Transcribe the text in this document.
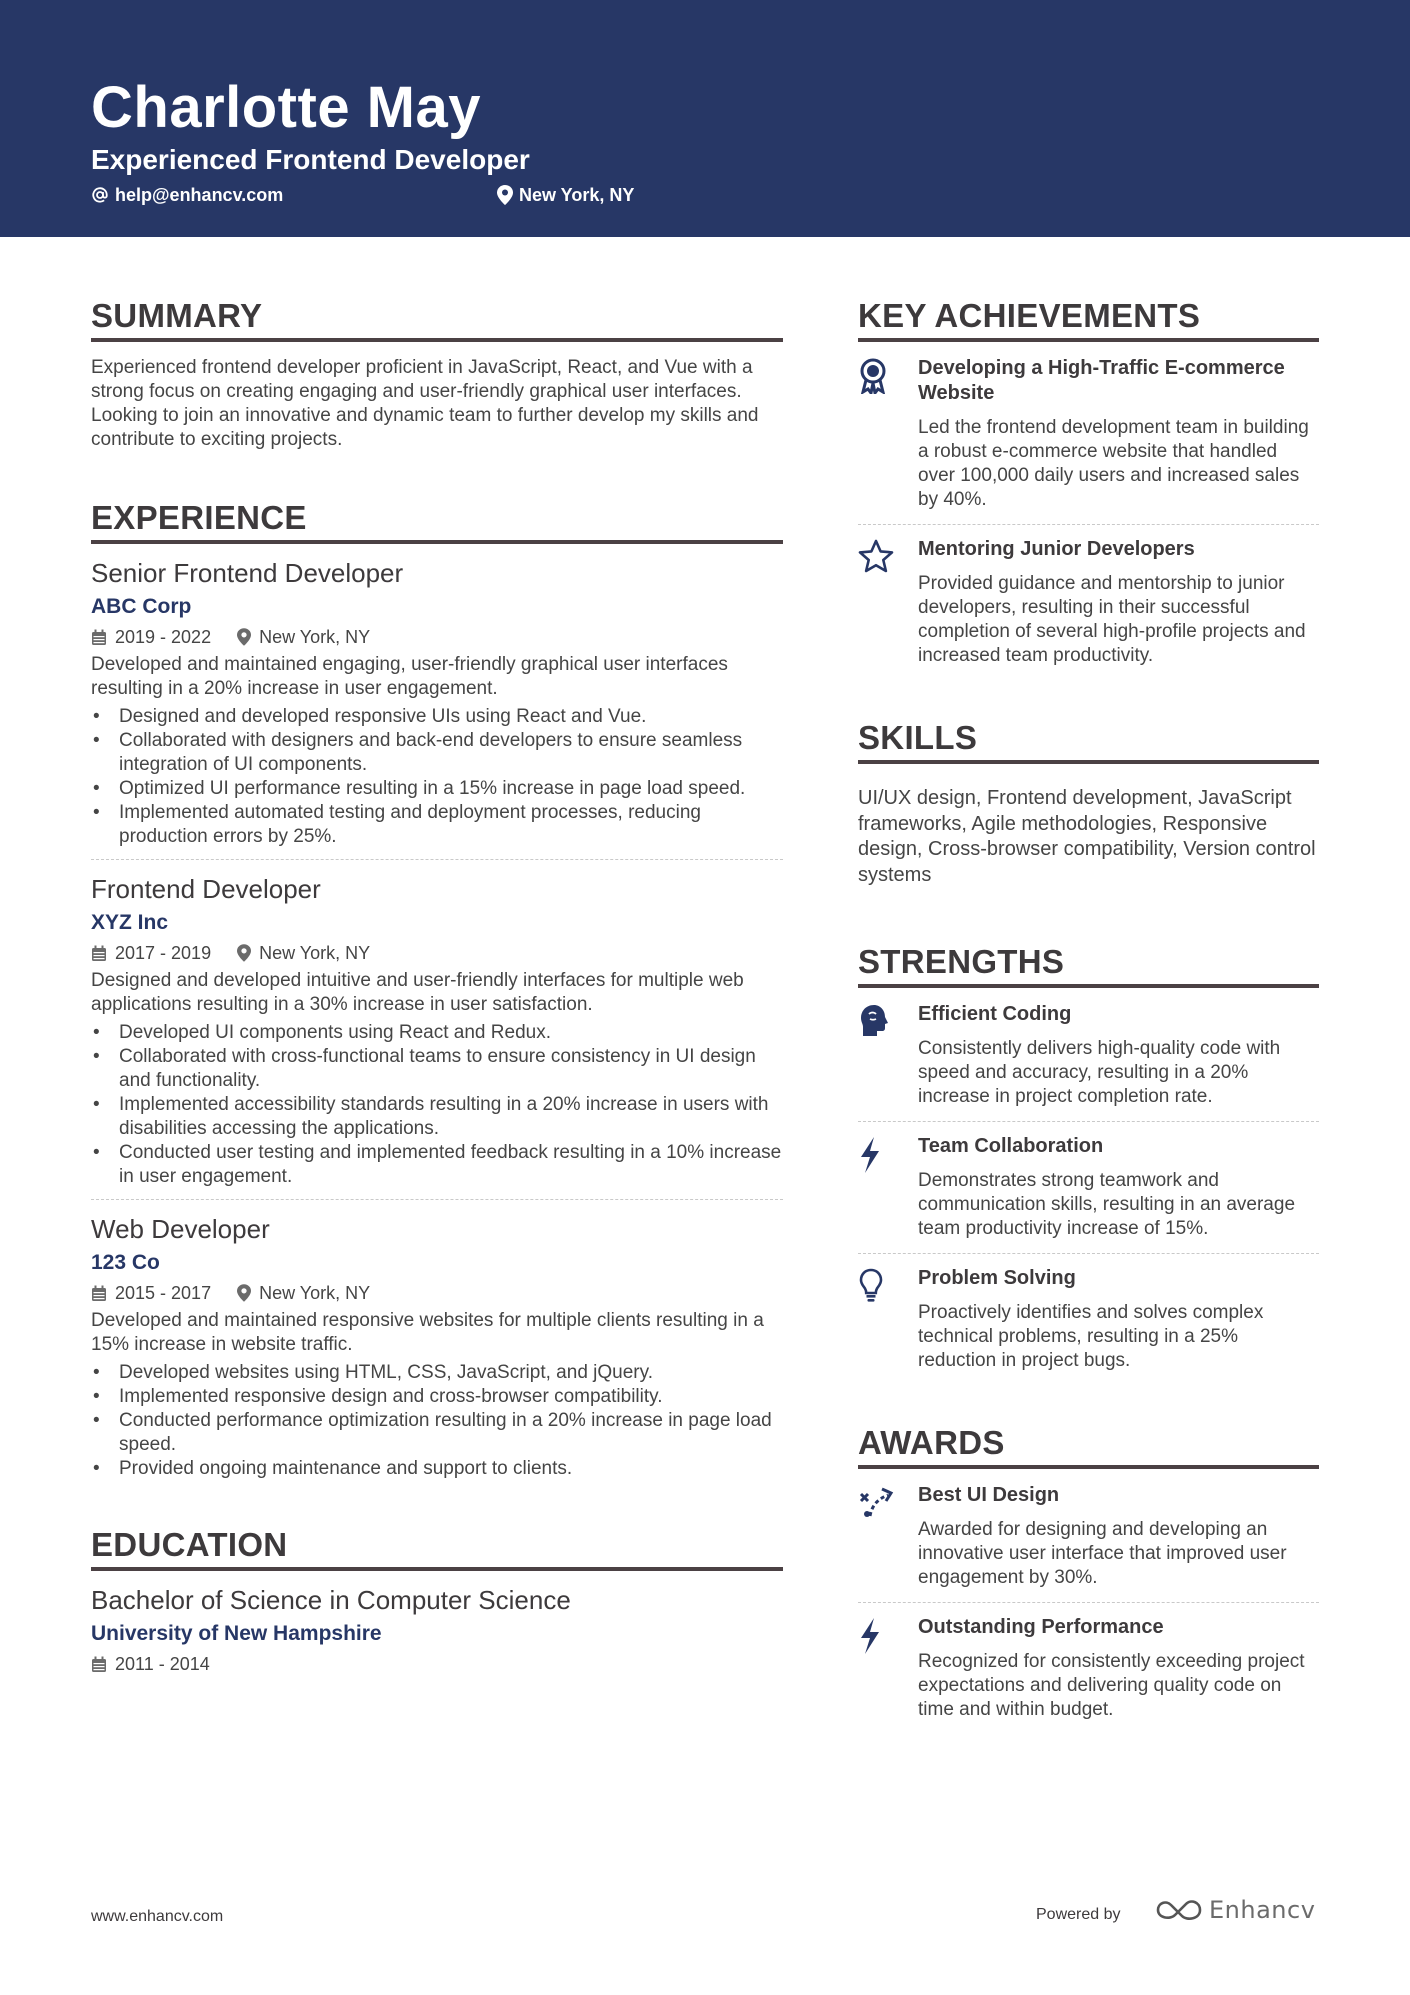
Charlotte May
Experienced Frontend Developer
help@enhancv.com	New York, NY
SUMMARY
Experienced frontend developer proficient in JavaScript, React, and Vue with a strong focus on creating engaging and user-friendly graphical user interfaces. Looking to join an innovative and dynamic team to further develop my skills and contribute to exciting projects.
EXPERIENCE
Senior Frontend Developer
ABC Corp
2019 - 2022	New York, NY
Developed and maintained engaging, user-friendly graphical user interfaces resulting in a 20% increase in user engagement.
• Designed and developed responsive UIs using React and Vue.
• Collaborated with designers and back-end developers to ensure seamless integration of UI components.
• Optimized UI performance resulting in a 15% increase in page load speed.
• Implemented automated testing and deployment processes, reducing production errors by 25%.
Frontend Developer
XYZ Inc
2017 - 2019	New York, NY
Designed and developed intuitive and user-friendly interfaces for multiple web applications resulting in a 30% increase in user satisfaction.
• Developed UI components using React and Redux.
• Collaborated with cross-functional teams to ensure consistency in UI design and functionality.
• Implemented accessibility standards resulting in a 20% increase in users with disabilities accessing the applications.
• Conducted user testing and implemented feedback resulting in a 10% increase in user engagement.
Web Developer
123 Co
2015 - 2017	New York, NY
Developed and maintained responsive websites for multiple clients resulting in a 15% increase in website traffic.
• Developed websites using HTML, CSS, JavaScript, and jQuery.
• Implemented responsive design and cross-browser compatibility.
• Conducted performance optimization resulting in a 20% increase in page load speed.
• Provided ongoing maintenance and support to clients.
EDUCATION
Bachelor of Science in Computer Science
University of New Hampshire
2011 - 2014
KEY ACHIEVEMENTS
Developing a High-Traffic E-commerce Website
Led the frontend development team in building a robust e-commerce website that handled over 100,000 daily users and increased sales by 40%.
Mentoring Junior Developers
Provided guidance and mentorship to junior developers, resulting in their successful completion of several high-profile projects and increased team productivity.
SKILLS
UI/UX design, Frontend development, JavaScript frameworks, Agile methodologies, Responsive design, Cross-browser compatibility, Version control systems
STRENGTHS
Efficient Coding
Consistently delivers high-quality code with speed and accuracy, resulting in a 20% increase in project completion rate.
Team Collaboration
Demonstrates strong teamwork and communication skills, resulting in an average team productivity increase of 15%.
Problem Solving
Proactively identifies and solves complex technical problems, resulting in a 25% reduction in project bugs.
AWARDS
Best UI Design
Awarded for designing and developing an innovative user interface that improved user engagement by 30%.
Outstanding Performance
Recognized for consistently exceeding project expectations and delivering quality code on time and within budget.
www.enhancv.com	Powered by	Enhancv
